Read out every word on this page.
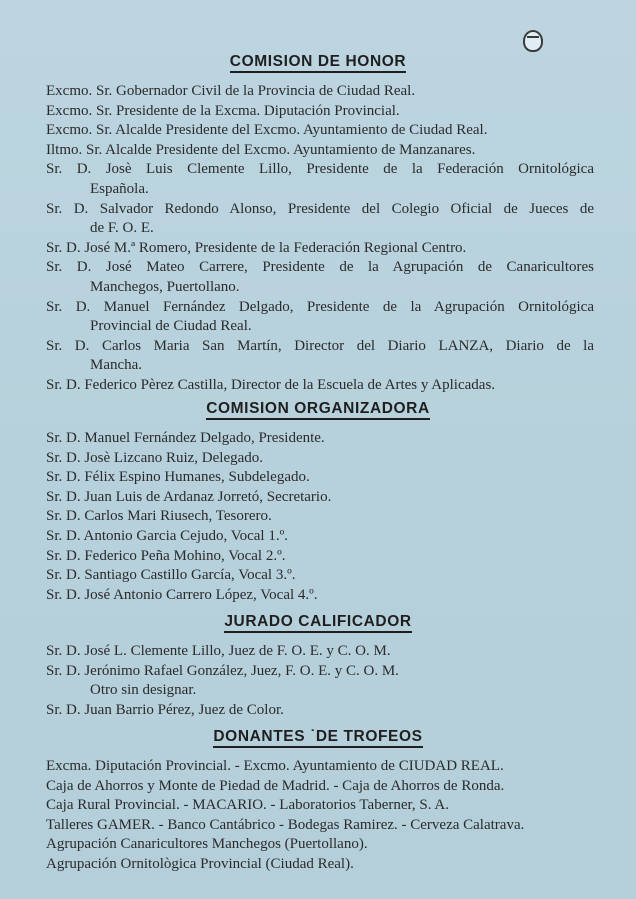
COMISION DE HONOR
Excmo. Sr. Gobernador Civil de la Provincia de Ciudad Real.
Excmo. Sr. Presidente de la Excma. Diputación Provincial.
Excmo. Sr. Alcalde Presidente del Excmo. Ayuntamiento de Ciudad Real.
Iltmo. Sr. Alcalde Presidente del Excmo. Ayuntamiento de Manzanares.
Sr. D. Josè Luis Clemente Lillo, Presidente de la Federación Ornitológica
Española.
Sr. D. Salvador Redondo Alonso, Presidente del Colegio Oficial de Jueces de
de F. O. E.
Sr. D. José M.ª Romero, Presidente de la Federación Regional Centro.
Sr. D. José Mateo Carrere, Presidente de la Agrupación de Canaricultores
Manchegos, Puertollano.
Sr. D. Manuel Fernández Delgado, Presidente de la Agrupación Ornitológica
Provincial de Ciudad Real.
Sr. D. Carlos Maria San Martín, Director del Diario LANZA, Diario de la
Mancha.
Sr. D. Federico Pèrez Castilla, Director de la Escuela de Artes y Aplicadas.
COMISION ORGANIZADORA
Sr. D. Manuel Fernández Delgado, Presidente.
Sr. D. Josè Lizcano Ruiz, Delegado.
Sr. D. Félix Espino Humanes, Subdelegado.
Sr. D. Juan Luis de Ardanaz Jorretó, Secretario.
Sr. D. Carlos Mari Riusech, Tesorero.
Sr. D. Antonio Garcia Cejudo, Vocal 1.º.
Sr. D. Federico Peña Mohino, Vocal 2.º.
Sr. D. Santiago Castillo García, Vocal 3.º.
Sr. D. José Antonio Carrero López, Vocal 4.º.
JURADO CALIFICADOR
Sr. D. José L. Clemente Lillo, Juez de F. O. E. y C. O. M.
Sr. D. Jerónimo Rafael González, Juez, F. O. E. y C. O. M.
Otro sin designar.
Sr. D. Juan Barrio Pérez, Juez de Color.
DONANTES ˙DE TROFEOS
Excma. Diputación Provincial. - Excmo. Ayuntamiento de CIUDAD REAL.
Caja de Ahorros y Monte de Piedad de Madrid. - Caja de Ahorros de Ronda.
Caja Rural Provincial. - MACARIO. - Laboratorios Taberner, S. A.
Talleres GAMER. - Banco Cantábrico - Bodegas Ramirez. - Cerveza Calatrava.
Agrupación Canaricultores Manchegos (Puertollano).
Agrupación Ornitològica Provincial (Ciudad Real).
